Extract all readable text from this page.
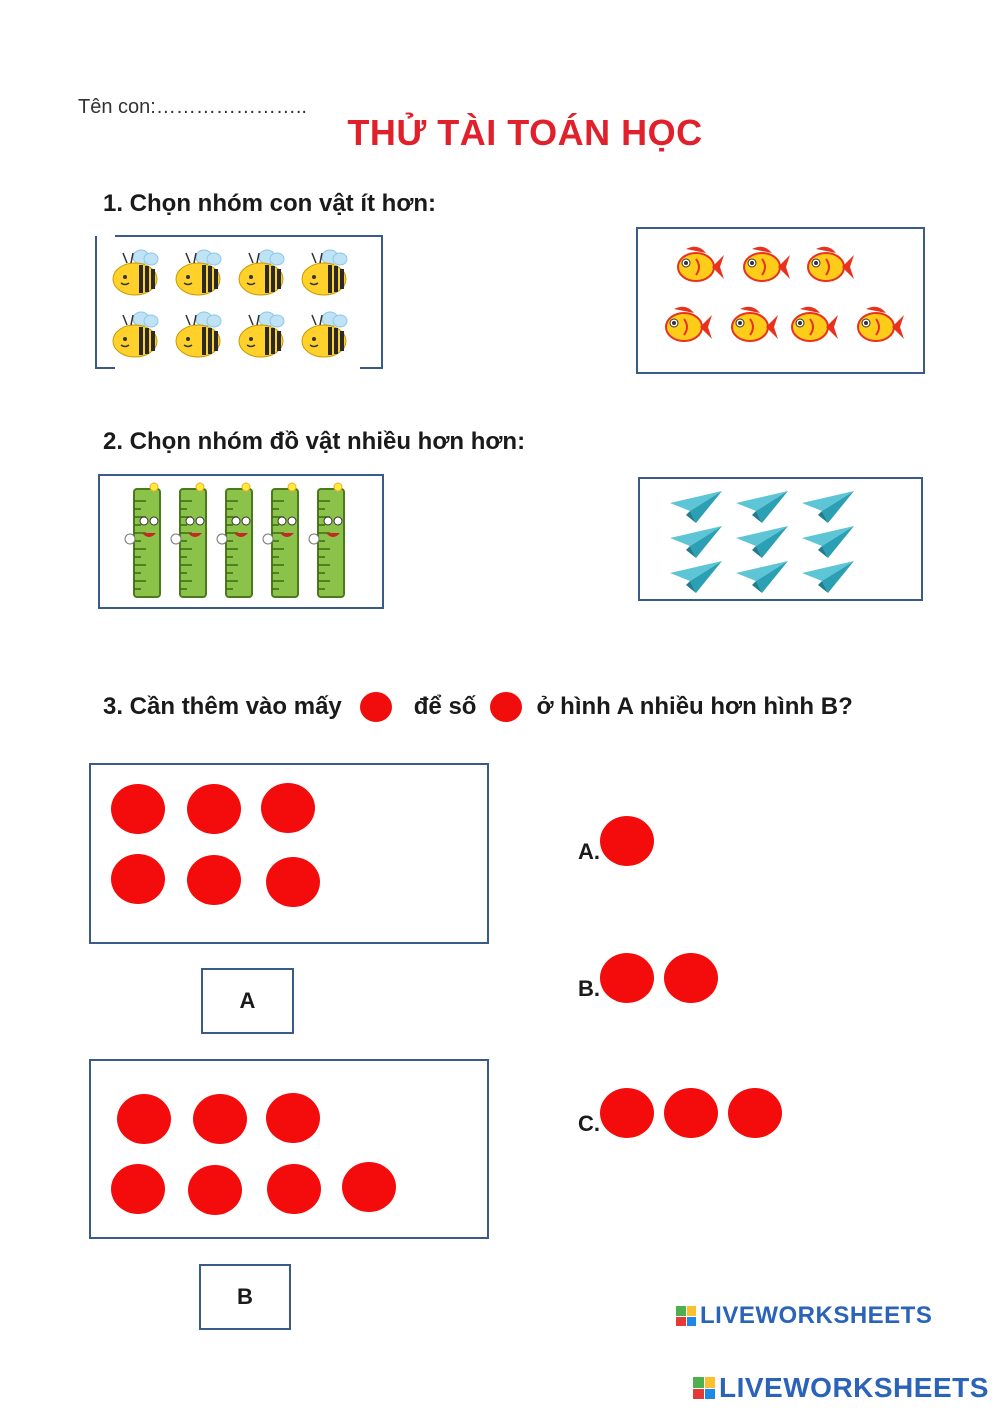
Tên con:…………………..
THỬ TÀI TOÁN HỌC
1. Chọn nhóm con vật ít hơn:
2. Chọn nhóm đồ vật nhiều hơn hơn:
3. Cần thêm vào mấy	để số	ở hình A nhiều hơn hình B?
A
B
A.
B.
C.
LIVEWORKSHEETS
LIVEWORKSHEETS
